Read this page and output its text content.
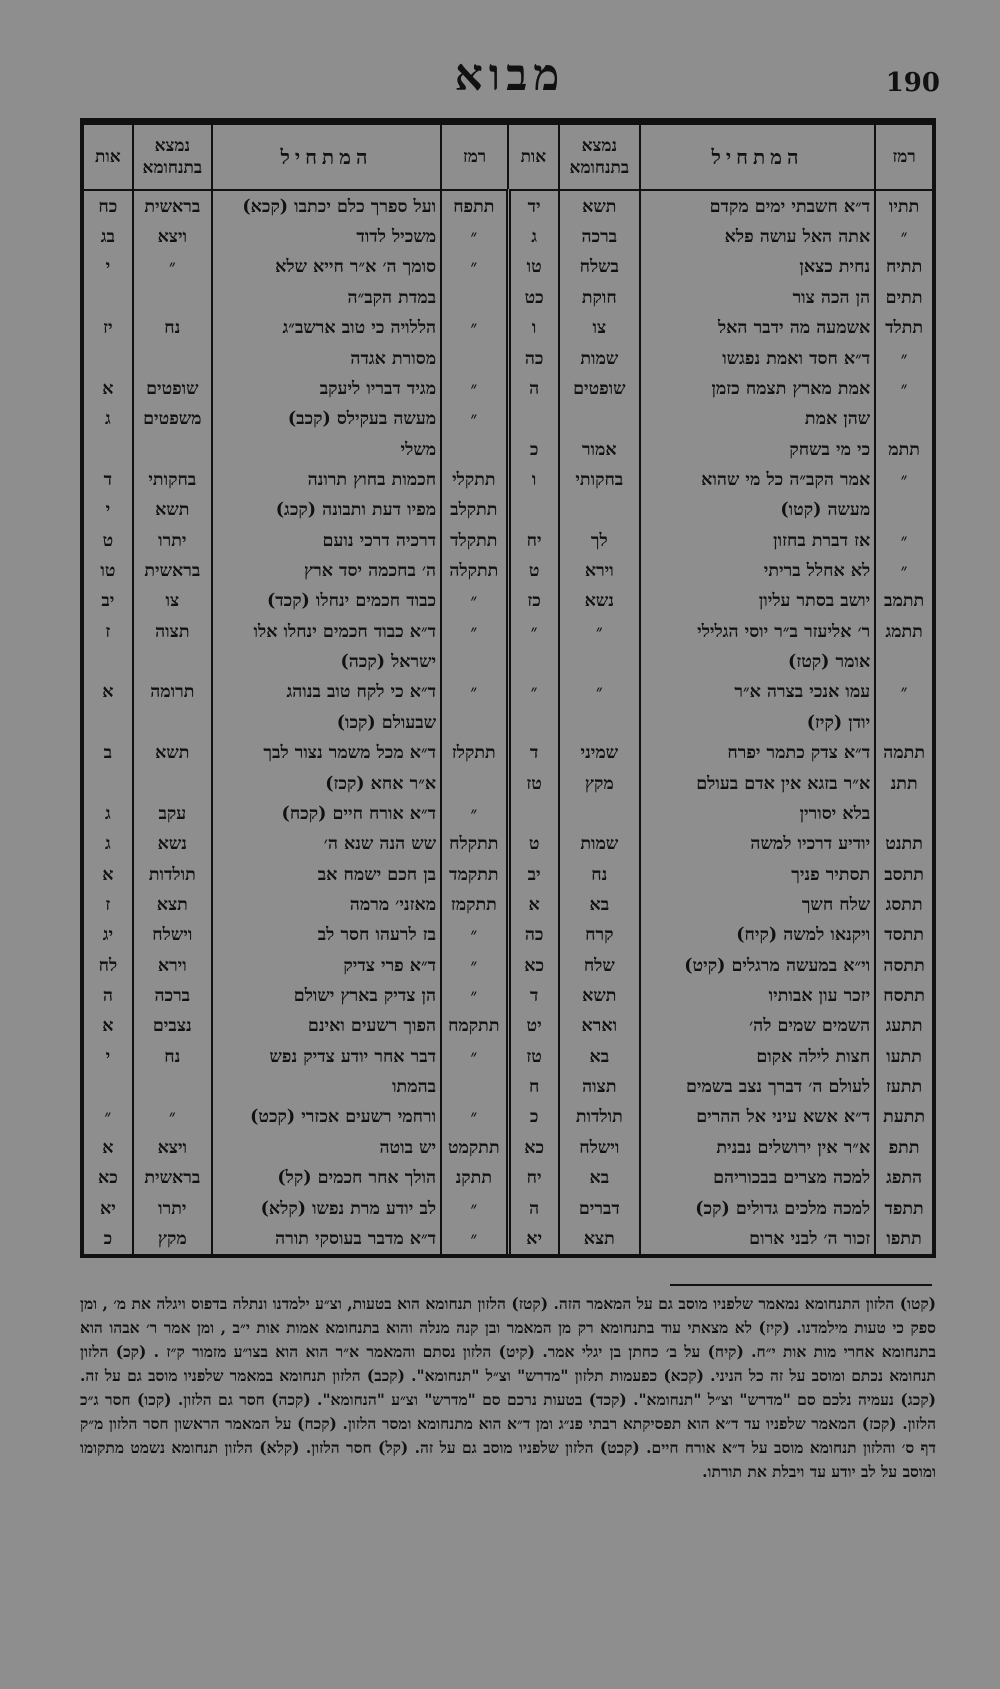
מבוא	190
רמז	המתחיל	נמצא בתנחומא	אות	רמז	המתחיל	נמצא בתנחומא	אות
תתיו	ד״א חשבתי ימים מקדם	תשא	יד	תתפח	ועל ספרך כלם יכתבו (קכא)	בראשית	כח
״	אתה האל עושה פלא	ברכה	ג	״	משכיל לדוד	ויצא	בג
תתיח	נחית כצאן	בשלח	טו	״	סומך ה׳ א״ר חייא שלא	״	י
תתים	הן הכה צור	חוקת	כט		במדת הקב״ה		
תתלד	אשמעה מה ידבר האל	צו	ו	״	הללויה כי טוב ארשב״ג	נח	יז
״	ד״א חסד ואמת נפגשו	שמות	כה		מסורת אגדה		
״	אמת מארץ תצמח כזמן	שופטים	ה	״	מגיד דבריו ליעקב	שופטים	א
	שהן אמת			״	מעשה בעקילס (קכב)	משפטים	ג
תתמ	כי מי בשחק	אמור	כ		משלי		
״	אמר הקב״ה כל מי שהוא	בחקותי	ו	תתקלי	חכמות בחוץ תרונה	בחקותי	ד
	מעשה (קטו)			תתקלב	מפיו דעת ותבונה (קכג)	תשא	י
״	אז דברת בחזון	לך	יח	תתקלד	דרכיה דרכי נועם	יתרו	ט
״	לא אחלל בריתי	וירא	ט	תתקלה	ה׳ בחכמה יסד ארץ	בראשית	טו
תתמב	יושב בסתר עליון	נשא	כז	״	כבוד חכמים ינחלו (קכד)	צו	יב
תתמג	ר׳ אליעזר ב״ר יוסי הגלילי	״	״	״	ד״א כבוד חכמים ינחלו אלו	תצוה	ז
	אומר (קטז)				ישראל (קכה)		
״	עמו אנכי בצרה א״ר	״	״	״	ד״א כי לקח טוב בנוהג	תרומה	א
	יודן (קיז)				שבעולם (קכו)		
תתמה	ד״א צדק כתמר יפרח	שמיני	ד	תתקלז	ד״א מכל משמר נצור לבך	תשא	ב
תתנ	א״ר בזגא אין אדם בעולם	מקץ	טז		א״ר אחא (קכז)		
	בלא יסורין			״	ד״א אורח חיים (קכח)	עקב	ג
תתנט	יודיע דרכיו למשה	שמות	ט	תתקלח	שש הנה שנא ה׳	נשא	ג
תתסב	תסתיר פניך	נח	יב	תתקמד	בן חכם ישמח אב	תולדות	א
תתסג	שלח חשך	בא	א	תתקמז	מאזני׳ מרמה	תצא	ז
תתסד	ויקנאו למשה (קיח)	קרח	כה	״	בז לרעהו חסר לב	וישלח	יג
תתסה	וי״א במעשה מרגלים (קיט)	שלח	כא	״	ד״א פרי צדיק	וירא	לח
תתסח	יזכר עון אבותיו	תשא	ד	״	הן צדיק בארץ ישולם	ברכה	ה
תתעג	השמים שמים לה׳	וארא	יט	תתקמח	הפוך רשעים ואינם	נצבים	א
תתעו	חצות לילה אקום	בא	טז	״	דבר אחר יודע צדיק נפש	נח	י
תתעז	לעולם ה׳ דברך נצב בשמים	תצוה	ח		בהמתו		
תתעת	ד״א אשא עיני אל ההרים	תולדות	כ	״	ורחמי רשעים אכזרי (קכט)	״	״
תתפ	א״ר אין ירושלים נבנית	וישלח	כא	תתקמט	יש בוטה	ויצא	א
התפג	למכה מצרים בבכוריהם	בא	יח	תתקנ	הולך אחר חכמים (קל)	בראשית	כא
תתפד	למכה מלכים גדולים (קכ)	דברים	ה	״	לב יודע מרת נפשו (קלא)	יתרו	יא
תתפו	זכור ה׳ לבני ארום	תצא	יא	״	ד״א מדבר בעוסקי תורה	מקץ	כ
(קטו) הלזון התנחומא נמאמר שלפניו מוסב גם על המאמר הזה. (קטז) הלזון תנחומא הוא בטעות, וצ״ע ילמדנו ונתלה בדפוס ויגלה את מ׳ , ומן ספק כי טעות מילמדנו. (קיז) לא מצאתי עוד בתנחומא רק מן המאמר ובן קנה מנלה והוא בתנחומא אמות אות י״ב , ומן אמר ר׳ אבהו הוא בתנחומא אחרי מות אות י״ח. (קיח) על ב׳ כחתן בן יגלי אמר. (קיט) הלזון נסתם והמאמר א״ר הוא הוא בצו״ע מזמור ק״ז . (קכ) הלזון תנחומא נכתם ומוסב על זה כל הניני. (קכא) כפעמות תלזון "מדרש" וצ״ל "תנחומא". (קכב) הלזון תנחומא במאמר שלפניו מוסב גם על זה. (קכג) נעמיה נלכם סם "מדרש" וצ״ל "תנחומא". (קכד) בטעות נרכם סם "מדרש" וצ״ע "הנחומא". (קכה) חסר גם הלזון. (קכו) חסר ג״כ הלזון. (קכז) המאמר שלפניו עד ד״א הוא תפסיקתא רבתי פנ״ג ומן ד״א הוא מתנחומא ומסר הלזון. (קכח) על המאמר הראשון חסר הלזון מ״ק דף ס׳ והלזון תנחומא מוסב על ד״א אורח חיים. (קכט) הלזון שלפניו מוסב גם על זה. (קל) חסר הלזון. (קלא) הלזון תנחומא נשמט מתקומו ומוסב על לב יודע עד ויבלת את תורתו.
